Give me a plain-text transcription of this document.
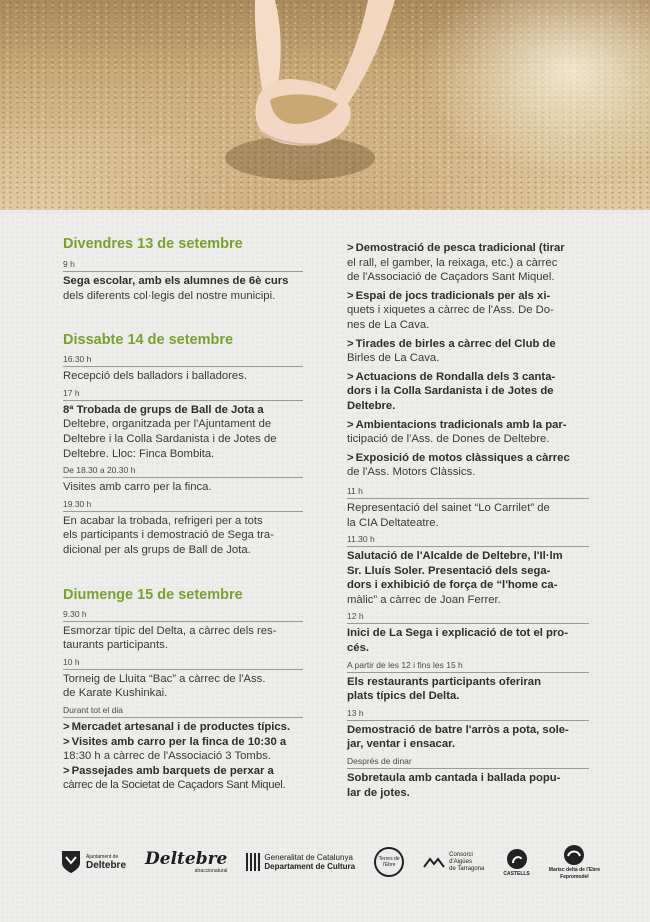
Divendres 13 de setembre
9 h
Sega escolar, amb els alumnes de 6è curs
dels diferents col·legis del nostre municipi.
Dissabte 14 de setembre
16.30 h
Recepció dels balladors i balladores.
17 h
8ª Trobada de grups de Ball de Jota a
Deltebre, organitzada per l'Ajuntament de
Deltebre i la Colla Sardanista i de Jotes de
Deltebre. Lloc: Finca Bombita.
De 18.30 a 20.30 h
Visites amb carro per la finca.
19.30 h
En acabar la trobada, refrigeri per a tots
els participants i demostració de Sega tra-
dicional per als grups de Ball de Jota.
Diumenge 15 de setembre
9.30 h
Esmorzar típic del Delta, a càrrec dels res-
taurants participants.
10 h
Torneig de Lluita “Bac” a càrrec de l'Ass.
de Karate Kushinkai.
Durant tot el dia
> Mercadet artesanal i de productes típics.
> Visites amb carro per la finca de 10:30 a
18:30 h a càrrec de l'Associació 3 Tombs.
> Passejades amb barquets de perxar a
càrrec de la Societat de Caçadors Sant Miquel.
> Demostració de pesca tradicional (tirar
el rall, el gamber, la reixaga, etc.) a càrrec
de l'Associació de Caçadors Sant Miquel.
> Espai de jocs tradicionals per als xi-
quets i xiquetes a càrrec de l'Ass. De Do-
nes de La Cava.
> Tirades de birles a càrrec del Club de
Birles de La Cava.
> Actuacions de Rondalla dels 3 canta-
dors i la Colla Sardanista i de Jotes de
Deltebre.
> Ambientacions tradicionals amb la par-
ticipació de l'Ass. de Dones de Deltebre.
> Exposició de motos clàssiques a càrrec
de l'Ass. Motors Clàssics.
11 h
Representació del sainet “Lo Carrilet” de
la CIA Deltateatre.
11.30 h
Salutació de l'Alcalde de Deltebre, l'Il·lm
Sr. Lluís Soler. Presentació dels sega-
dors i exhibició de força de “l'home ca-
màlic” a càrrec de Joan Ferrer.
12 h
Inici de La Sega i explicació de tot el pro-
cés.
A partir de les 12 i fins les 15 h
Els restaurants participants oferiran
plats típics del Delta.
13 h
Demostració de batre l'arròs a pota, sole-
jar, ventar i ensacar.
Després de dinar
Sobretaula amb cantada i ballada popu-
lar de jotes.
Ajuntament de
Deltebre Deltebre
atraccionatural
Generalitat de Catalunya
Departament de Cultura
Terres de l'Ebre
Consorci
d'Aigües
de Tarragona
CASTELLS
Marisc delta de l'Ebre
Fepromodel
